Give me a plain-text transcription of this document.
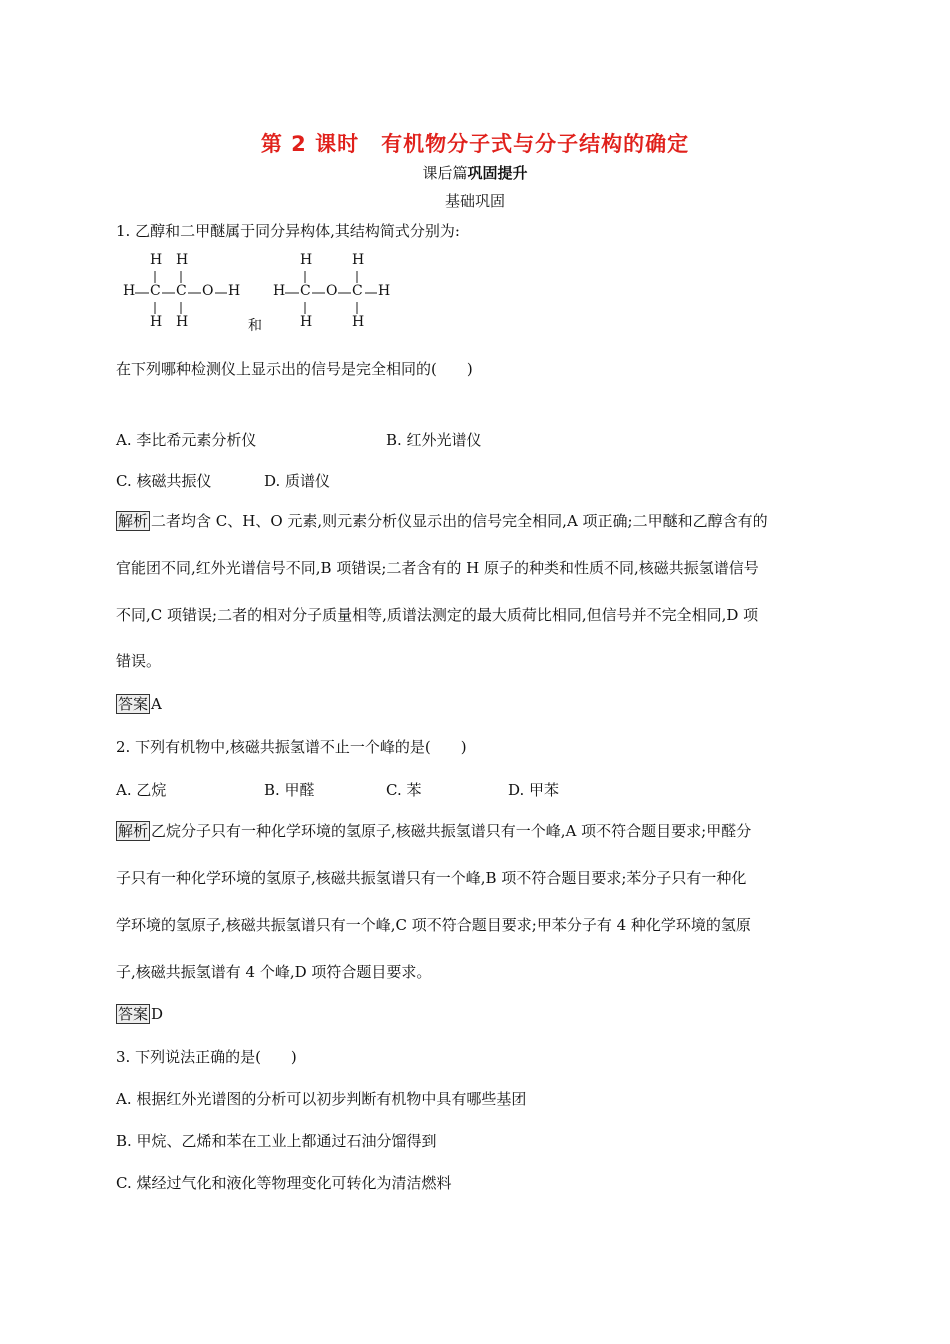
第 2 课时　有机物分子式与分子结构的确定
课后篇巩固提升
基础巩固
1. 乙醇和二甲醚属于同分异构体,其结构简式分别为:
H H
H C C O H
H H	和
H	H
H C O C H
H	H
在下列哪种检测仪上显示出的信号是完全相同的(　　)
A. 李比希元素分析仪	B. 红外光谱仪
C. 核磁共振仪	D. 质谱仪
解析 二者均含 C、H、O 元素,则元素分析仪显示出的信号完全相同,A 项正确;二甲醚和乙醇含有的
官能团不同,红外光谱信号不同,B 项错误;二者含有的 H 原子的种类和性质不同,核磁共振氢谱信号
不同,C 项错误;二者的相对分子质量相等,质谱法测定的最大质荷比相同,但信号并不完全相同,D 项
错误。
答案 A
2. 下列有机物中,核磁共振氢谱不止一个峰的是(　　)
A. 乙烷	B. 甲醛	C. 苯	D. 甲苯
解析 乙烷分子只有一种化学环境的氢原子,核磁共振氢谱只有一个峰,A 项不符合题目要求;甲醛分
子只有一种化学环境的氢原子,核磁共振氢谱只有一个峰,B 项不符合题目要求;苯分子只有一种化
学环境的氢原子,核磁共振氢谱只有一个峰,C 项不符合题目要求;甲苯分子有 4 种化学环境的氢原
子,核磁共振氢谱有 4 个峰,D 项符合题目要求。
答案 D
3. 下列说法正确的是(　　)
A. 根据红外光谱图的分析可以初步判断有机物中具有哪些基团
B. 甲烷、乙烯和苯在工业上都通过石油分馏得到
C. 煤经过气化和液化等物理变化可转化为清洁燃料
